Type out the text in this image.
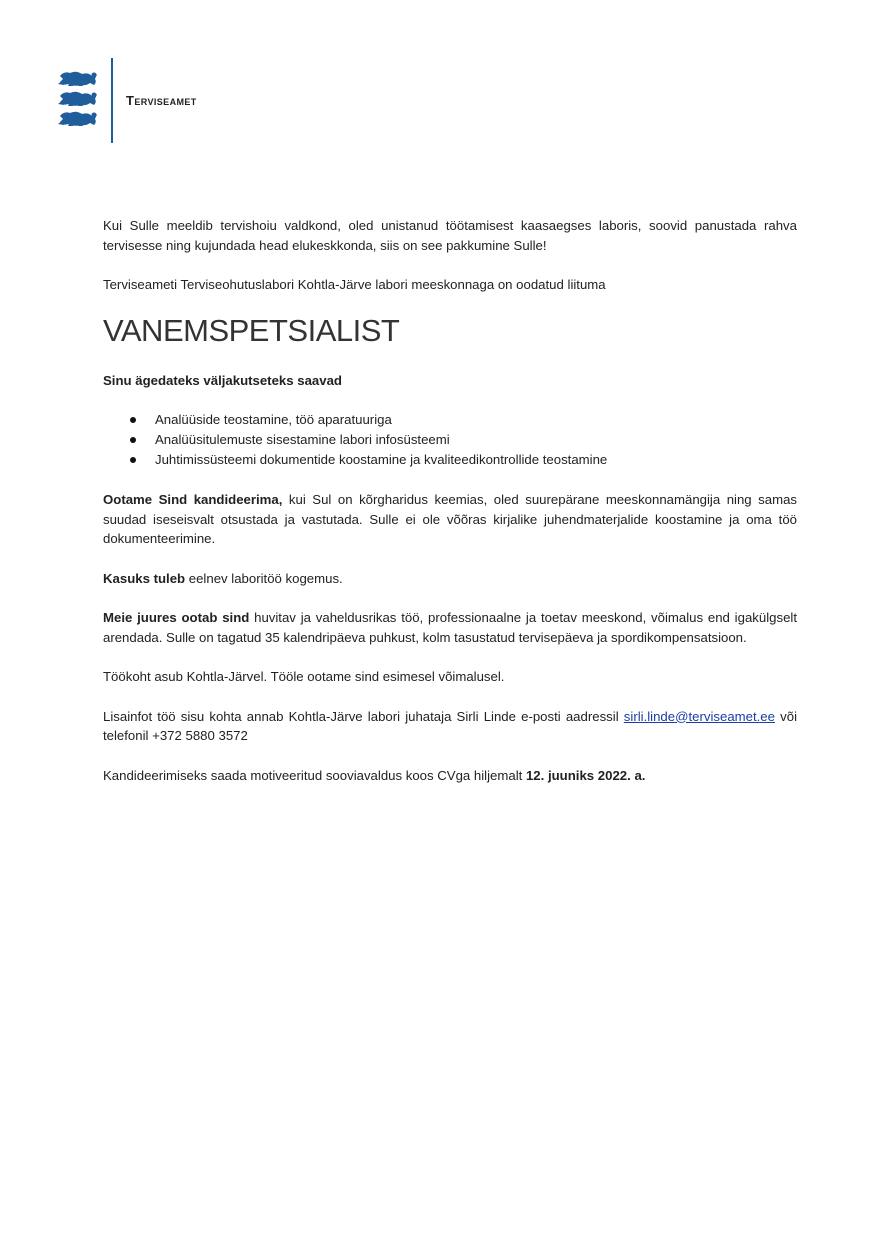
Terviseamet

Kui Sulle meeldib tervishoiu valdkond, oled unistanud töötamisest kaasaegses laboris, soovid panustada rahva tervisesse ning kujundada head elukeskkonda, siis on see pakkumine Sulle!

Terviseameti Terviseohutuslabori Kohtla-Järve labori meeskonnaga on oodatud liituma

VANEMSPETSIALIST

Sinu ägedateks väljakutseteks saavad

Analüüside teostamine, töö aparatuuriga
Analüüsitulemuste sisestamine labori infosüsteemi
Juhtimissüsteemi dokumentide koostamine ja kvaliteedikontrollide teostamine

Ootame Sind kandideerima, kui Sul on kõrgharidus keemias, oled suurepärane meeskonnamängija ning samas suudad iseseisvalt otsustada ja vastutada. Sulle ei ole võõras kirjalike juhendmaterjalide koostamine ja oma töö dokumenteerimine.

Kasuks tuleb eelnev laboritöö kogemus.

Meie juures ootab sind huvitav ja vaheldusrikas töö, professionaalne ja toetav meeskond, võimalus end igakülgselt arendada. Sulle on tagatud 35 kalendripäeva puhkust, kolm tasustatud tervisepäeva ja spordikompensatsioon.

Töökoht asub Kohtla-Järvel. Tööle ootame sind esimesel võimalusel.

Lisainfot töö sisu kohta annab Kohtla-Järve labori juhataja Sirli Linde e-posti aadressil sirli.linde@terviseamet.ee või telefonil +372 5880 3572

Kandideerimiseks saada motiveeritud sooviavaldus koos CVga hiljemalt 12. juuniks 2022. a.
